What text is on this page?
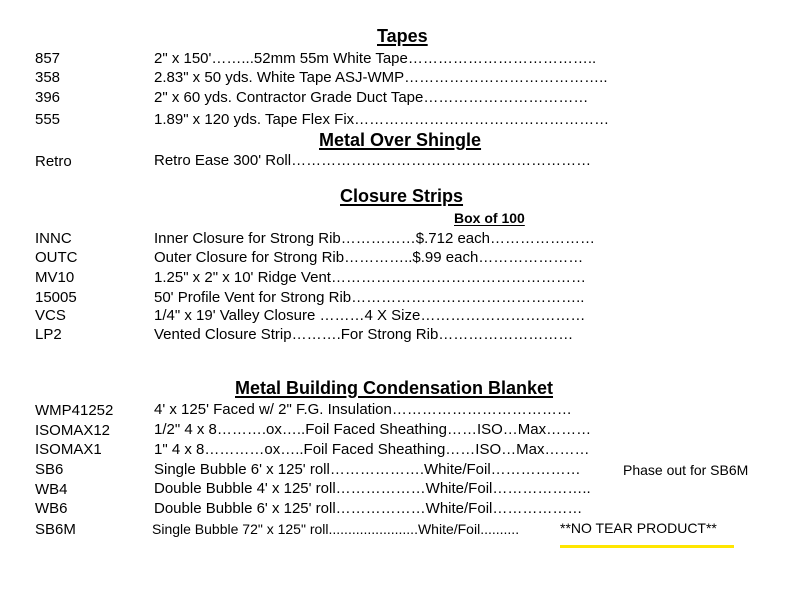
Tapes
857	2" x 150'……...52mm 55m White Tape………………………………..
358	2.83" x 50 yds. White Tape ASJ-WMP…………………………………..
396	2" x 60 yds. Contractor Grade Duct Tape……………………………
555	1.89" x 120 yds. Tape Flex Fix……………………………………………
Metal Over Shingle
Retro	Retro Ease 300' Roll……………………………………………………
Closure Strips
Box of 100
INNC	Inner Closure for Strong Rib……………$.712 each…………………
OUTC	Outer Closure for Strong Rib…………..$.99 each…………………
MV10	1.25" x 2" x 10' Ridge Vent……………………………………………
15005	50' Profile Vent for Strong Rib………………………………………..
VCS	1/4" x 19' Valley Closure ………4 X Size……………………………
LP2	Vented Closure Strip……….For Strong Rib………………………
Metal Building Condensation Blanket
WMP41252	4' x 125' Faced w/ 2" F.G. Insulation………………………………
ISOMAX12	1/2" 4 x 8……….ox…..Foil Faced Sheathing……ISO…Max………
ISOMAX1	1" 4 x 8…………ox…..Foil Faced Sheathing……ISO…Max………
SB6	Single Bubble 6' x 125' roll……………….White/Foil………………	Phase out for SB6M
WB4	Double Bubble 4' x 125' roll………………White/Foil………………..
WB6	Double Bubble 6' x 125' roll………………White/Foil………………
SB6M	Single Bubble 72" x 125" roll.......................White/Foil..........	**NO TEAR PRODUCT**
